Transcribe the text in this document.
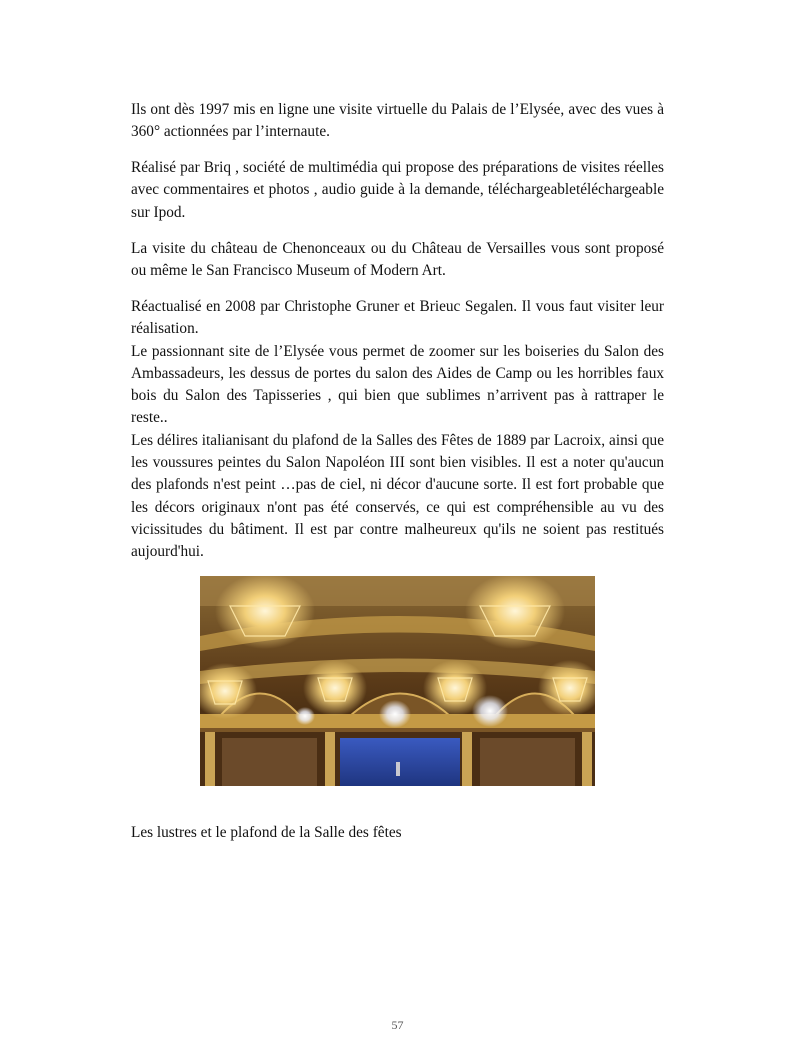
Ils ont dès 1997 mis en ligne une visite virtuelle du Palais de l’Elysée, avec des vues à 360° actionnées par l’internaute.

Réalisé par Briq , société de multimédia qui propose des préparations de visites réelles avec commentaires et photos , audio guide à la demande, téléchargeabletéléchargeable sur Ipod.

La visite du château de Chenonceaux ou du Château de Versailles vous sont proposé ou même le San Francisco Museum of Modern Art.

Réactualisé en 2008 par Christophe Gruner et Brieuc Segalen. Il vous faut visiter leur réalisation.

Le passionnant site de l’Elysée vous permet de zoomer sur les boiseries du Salon des Ambassadeurs, les dessus de portes du salon des Aides de Camp ou les horribles faux bois du Salon des Tapisseries , qui bien que sublimes n’arrivent pas à rattraper le reste..

Les délires italianisant du plafond de la Salles des Fêtes de 1889 par Lacroix, ainsi que les voussures peintes du Salon Napoléon III sont bien visibles. Il est a noter qu'aucun des plafonds n'est peint …pas de ciel, ni décor d'aucune sorte. Il est fort probable que les décors originaux n'ont pas été conservés, ce qui est compréhensible au vu des vicissitudes du bâtiment. Il est par contre malheureux qu'ils ne soient pas restitués aujourd'hui.

Les lustres et le plafond de la Salle des fêtes

57
